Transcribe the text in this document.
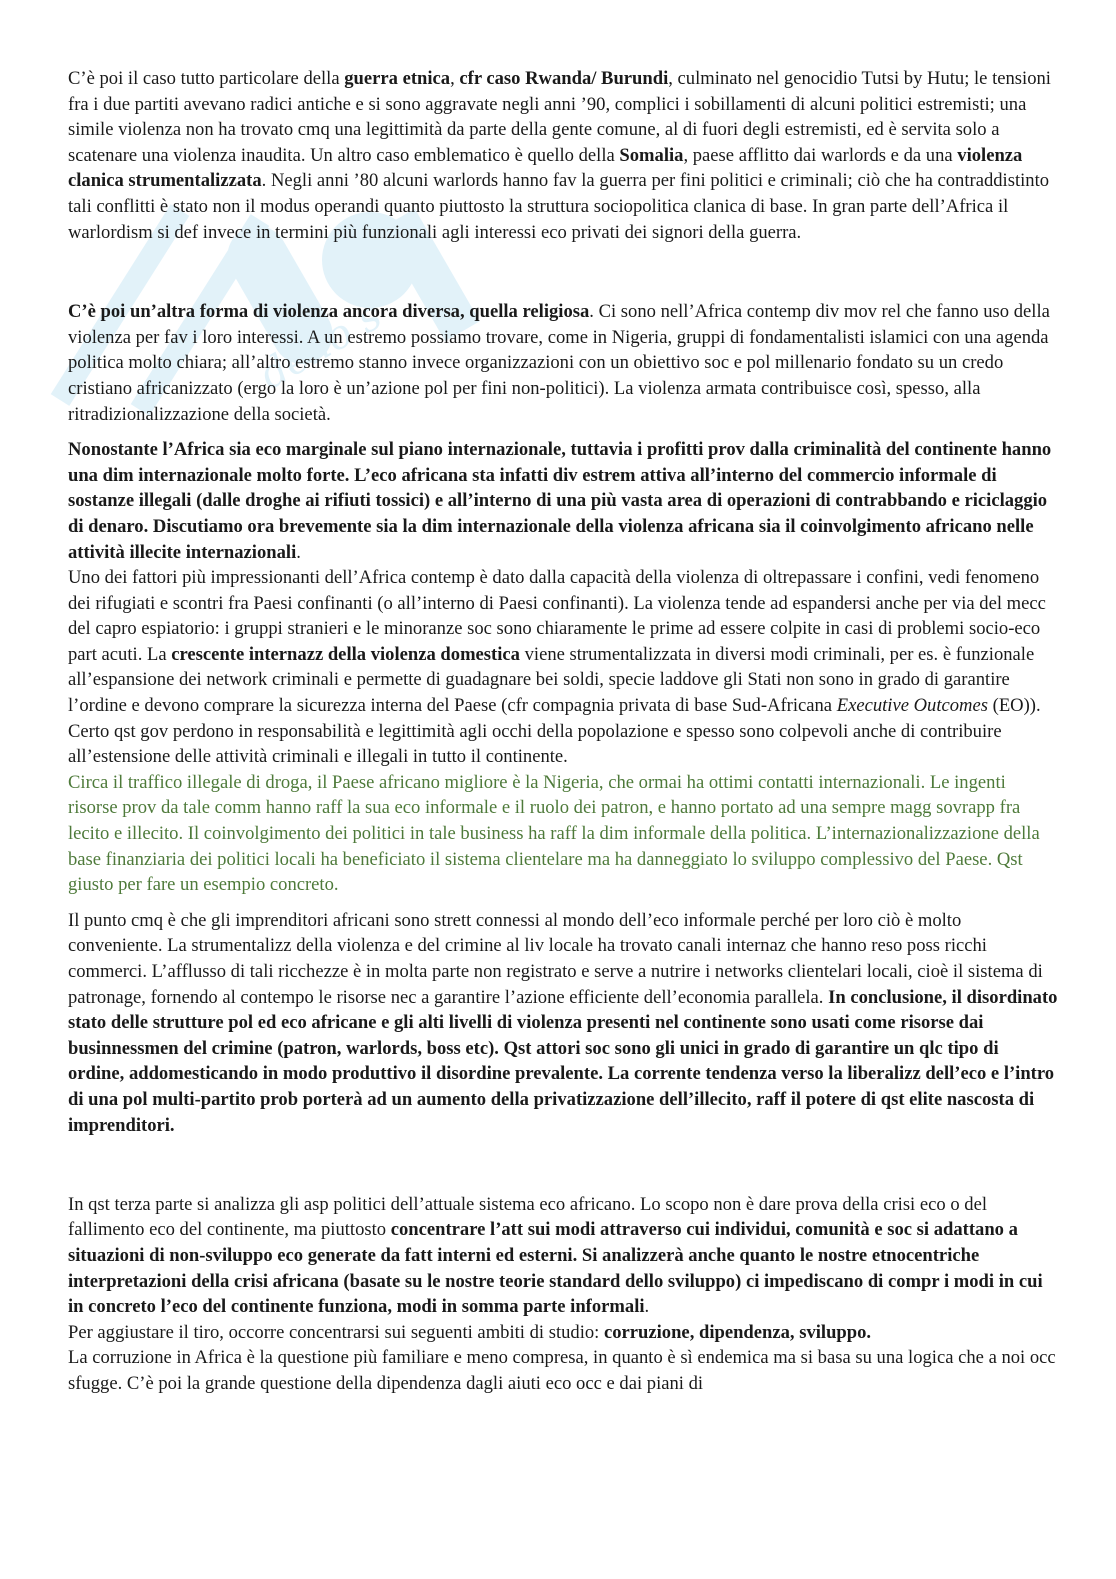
dello s

C’è poi il caso tutto particolare della guerra etnica, cfr caso Rwanda/ Burundi, culminato nel genocidio Tutsi by Hutu; le tensioni fra i due partiti avevano radici antiche e si sono aggravate negli anni ’90, complici i sobillamenti di alcuni politici estremisti; una simile violenza non ha trovato cmq una legittimità da parte della gente comune, al di fuori degli estremisti, ed è servita solo a scatenare una violenza inaudita. Un altro caso emblematico è quello della Somalia, paese afflitto dai warlords e da una violenza clanica strumentalizzata. Negli anni ’80 alcuni warlords hanno fav la guerra per fini politici e criminali; ciò che ha contraddistinto tali conflitti è stato non il modus operandi quanto piuttosto la struttura sociopolitica clanica di base. In gran parte dell’Africa il warlordism si def invece in termini più funzionali agli interessi eco privati dei signori della guerra.

C’è poi un’altra forma di violenza ancora diversa, quella religiosa. Ci sono nell’Africa contemp div mov rel che fanno uso della violenza per fav i loro interessi. A un estremo possiamo trovare, come in Nigeria, gruppi di fondamentalisti islamici con una agenda politica molto chiara; all’altro estremo stanno invece organizzazioni con un obiettivo soc e pol millenario fondato su un credo cristiano africanizzato (ergo la loro è un’azione pol per fini non-politici). La violenza armata contribuisce così, spesso, alla ritradizionalizzazione della società.

Nonostante l’Africa sia eco marginale sul piano internazionale, tuttavia i profitti prov dalla criminalità del continente hanno una dim internazionale molto forte. L’eco africana sta infatti div estrem attiva all’interno del commercio informale di sostanze illegali (dalle droghe ai rifiuti tossici) e all’interno di una più vasta area di operazioni di contrabbando e riciclaggio di denaro. Discutiamo ora brevemente sia la dim internazionale della violenza africana sia il coinvolgimento africano nelle attività illecite internazionali.

Uno dei fattori più impressionanti dell’Africa contemp è dato dalla capacità della violenza di oltrepassare i confini, vedi fenomeno dei rifugiati e scontri fra Paesi confinanti (o all’interno di Paesi confinanti). La violenza tende ad espandersi anche per via del mecc del capro espiatorio: i gruppi stranieri e le minoranze soc sono chiaramente le prime ad essere colpite in casi di problemi socio-eco part acuti. La crescente internazz della violenza domestica viene strumentalizzata in diversi modi criminali, per es. è funzionale all’espansione dei network criminali e permette di guadagnare bei soldi, specie laddove gli Stati non sono in grado di garantire l’ordine e devono comprare la sicurezza interna del Paese (cfr compagnia privata di base Sud-Africana Executive Outcomes (EO)). Certo qst gov perdono in responsabilità e legittimità agli occhi della popolazione e spesso sono colpevoli anche di contribuire all’estensione delle attività criminali e illegali in tutto il continente.

Circa il traffico illegale di droga, il Paese africano migliore è la Nigeria, che ormai ha ottimi contatti internazionali. Le ingenti risorse prov da tale comm hanno raff la sua eco informale e il ruolo dei patron, e hanno portato ad una sempre magg sovrapp fra lecito e illecito. Il coinvolgimento dei politici in tale business ha raff la dim informale della politica. L’internazionalizzazione della base finanziaria dei politici locali ha beneficiato il sistema clientelare ma ha danneggiato lo sviluppo complessivo del Paese. Qst giusto per fare un esempio concreto.

Il punto cmq è che gli imprenditori africani sono strett connessi al mondo dell’eco informale perché per loro ciò è molto conveniente. La strumentalizz della violenza e del crimine al liv locale ha trovato canali internaz che hanno reso poss ricchi commerci. L’afflusso di tali ricchezze è in molta parte non registrato e serve a nutrire i networks clientelari locali, cioè il sistema di patronage, fornendo al contempo le risorse nec a garantire l’azione efficiente dell’economia parallela. In conclusione, il disordinato stato delle strutture pol ed eco africane e gli alti livelli di violenza presenti nel continente sono usati come risorse dai businnessmen del crimine (patron, warlords, boss etc). Qst attori soc sono gli unici in grado di garantire un qlc tipo di ordine, addomesticando in modo produttivo il disordine prevalente. La corrente tendenza verso la liberalizz dell’eco e l’intro di una pol multi-partito prob porterà ad un aumento della privatizzazione dell’illecito, raff il potere di qst elite nascosta di imprenditori.

In qst terza parte si analizza gli asp politici dell’attuale sistema eco africano. Lo scopo non è dare prova della crisi eco o del fallimento eco del continente, ma piuttosto concentrare l’att sui modi attraverso cui individui, comunità e soc si adattano a situazioni di non-sviluppo eco generate da fatt interni ed esterni. Si analizzerà anche quanto le nostre etnocentriche interpretazioni della crisi africana (basate su le nostre teorie standard dello sviluppo) ci impediscano di compr i modi in cui in concreto l’eco del continente funziona, modi in somma parte informali.

Per aggiustare il tiro, occorre concentrarsi sui seguenti ambiti di studio: corruzione, dipendenza, sviluppo.

La corruzione in Africa è la questione più familiare e meno compresa, in quanto è sì endemica ma si basa su una logica che a noi occ sfugge. C’è poi la grande questione della dipendenza dagli aiuti eco occ e dai piani di
